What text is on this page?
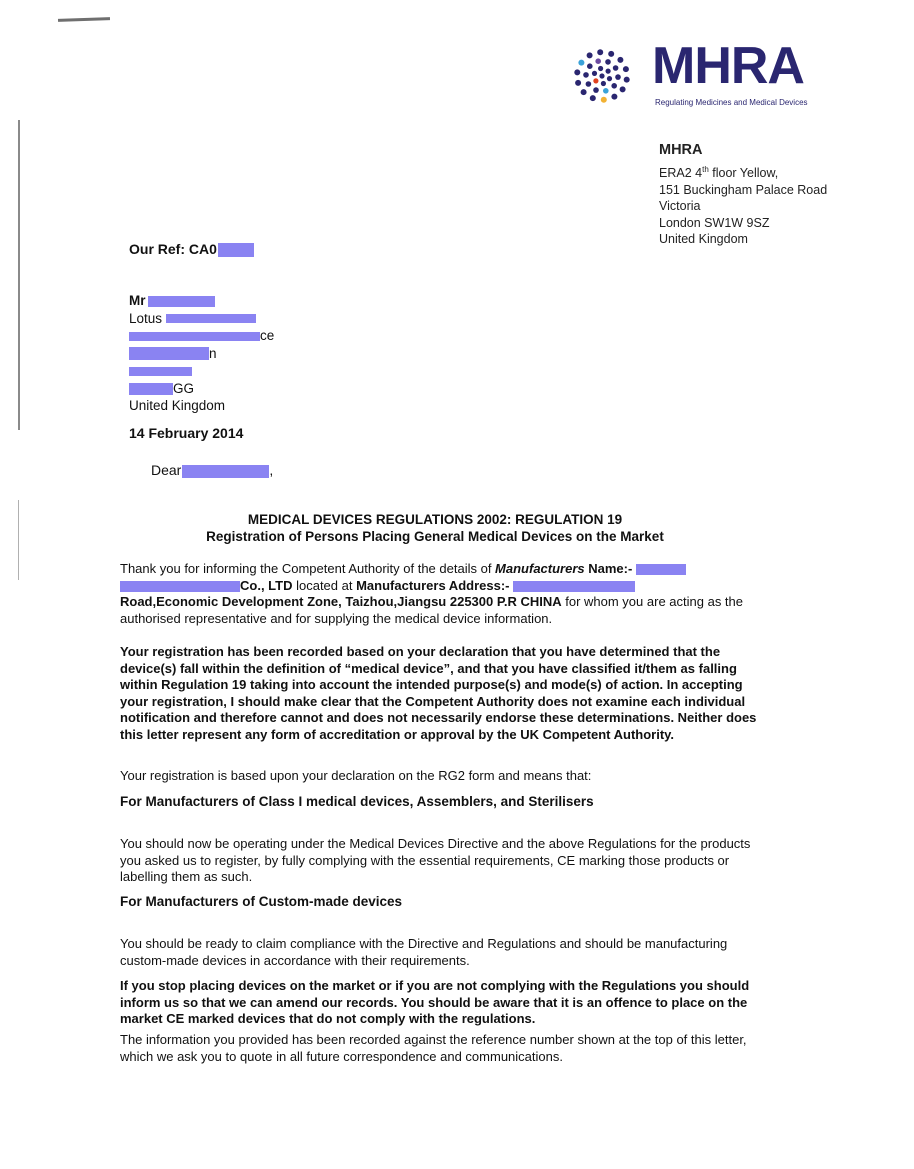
MHRA
Regulating Medicines and Medical Devices
MHRA
ERA2 4th floor Yellow,
151 Buckingham Palace Road
Victoria
London SW1W 9SZ
United Kingdom
Our Ref: CA0
Mr
Lotus
ce
n
GG
United Kingdom
14 February 2014
Dear	,
MEDICAL DEVICES REGULATIONS 2002: REGULATION 19
Registration of Persons Placing General Medical Devices on the Market
Thank you for informing the Competent Authority of the details of Manufacturers Name:-
Co., LTD located at Manufacturers Address:-
Road,Economic Development Zone, Taizhou,Jiangsu 225300 P.R CHINA for whom you are acting as the authorised representative and for supplying the medical device information.
Your registration has been recorded based on your declaration that you have determined that the device(s) fall within the definition of “medical device”, and that you have classified it/them as falling within Regulation 19 taking into account the intended purpose(s) and mode(s) of action. In accepting your registration, I should make clear that the Competent Authority does not examine each individual notification and therefore cannot and does not necessarily endorse these determinations. Neither does this letter represent any form of accreditation or approval by the UK Competent Authority.
Your registration is based upon your declaration on the RG2 form and means that:
For Manufacturers of Class I medical devices, Assemblers, and Sterilisers
You should now be operating under the Medical Devices Directive and the above Regulations for the products you asked us to register, by fully complying with the essential requirements, CE marking those products or labelling them as such.
For Manufacturers of Custom-made devices
You should be ready to claim compliance with the Directive and Regulations and should be manufacturing custom-made devices in accordance with their requirements.
If you stop placing devices on the market or if you are not complying with the Regulations you should inform us so that we can amend our records. You should be aware that it is an offence to place on the market CE marked devices that do not comply with the regulations.
The information you provided has been recorded against the reference number shown at the top of this letter, which we ask you to quote in all future correspondence and communications.
